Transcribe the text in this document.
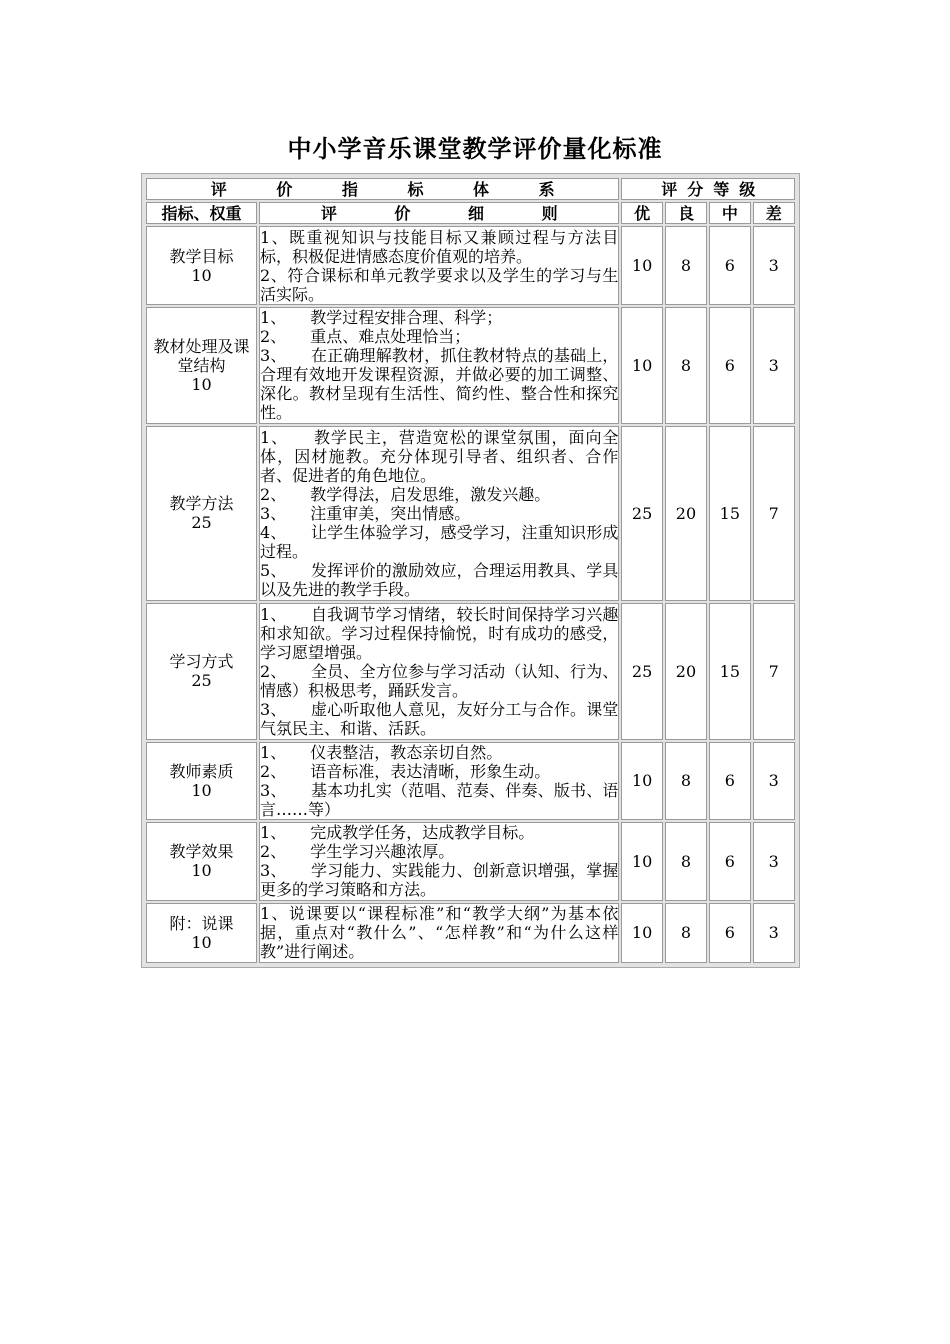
中小学音乐课堂教学评价量化标准
评 价 指 标 体 系		评分等级			
指标、权重	评 价 细 则	优	良	中	差

教学目标
10	1、既重视知识与技能目标又兼顾过程与方法目标，积极促进情感态度价值观的培养。
2、符合课标和单元教学要求以及学生的学习与生活实际。	10	8	6	3

教材处理及课堂结构
10	1、　　教学过程安排合理、科学；
2、　　重点、难点处理恰当；
3、　　在正确理解教材，抓住教材特点的基础上，合理有效地开发课程资源，并做必要的加工调整、深化。教材呈现有生活性、简约性、整合性和探究性。	10	8	6	3

教学方法
25	1、　　教学民主，营造宽松的课堂氛围，面向全体，因材施教。充分体现引导者、组织者、合作者、促进者的角色地位。
2、　　教学得法，启发思维，激发兴趣。
3、　　注重审美，突出情感。
4、　　让学生体验学习，感受学习，注重知识形成过程。
5、　　发挥评价的激励效应，合理运用教具、学具以及先进的教学手段。	25	20	15	7

学习方式
25	1、　　自我调节学习情绪，较长时间保持学习兴趣和求知欲。学习过程保持愉悦，时有成功的感受，学习愿望增强。
2、　　全员、全方位参与学习活动（认知、行为、情感）积极思考，踊跃发言。
3、　　虚心听取他人意见，友好分工与合作。课堂气氛民主、和谐、活跃。	25	20	15	7

教师素质
10	1、　　仪表整洁，教态亲切自然。
2、　　语音标准，表达清晰，形象生动。
3、　　基本功扎实（范唱、范奏、伴奏、版书、语言……等）	10	8	6	3

教学效果
10	1、　　完成教学任务，达成教学目标。
2、　　学生学习兴趣浓厚。
3、　　学习能力、实践能力、创新意识增强，掌握更多的学习策略和方法。	10	8	6	3

附：说课
10	1、说课要以“课程标准”和“教学大纲”为基本依据，重点对“教什么”、“怎样教”和“为什么这样教”进行阐述。	10	8	6	3
